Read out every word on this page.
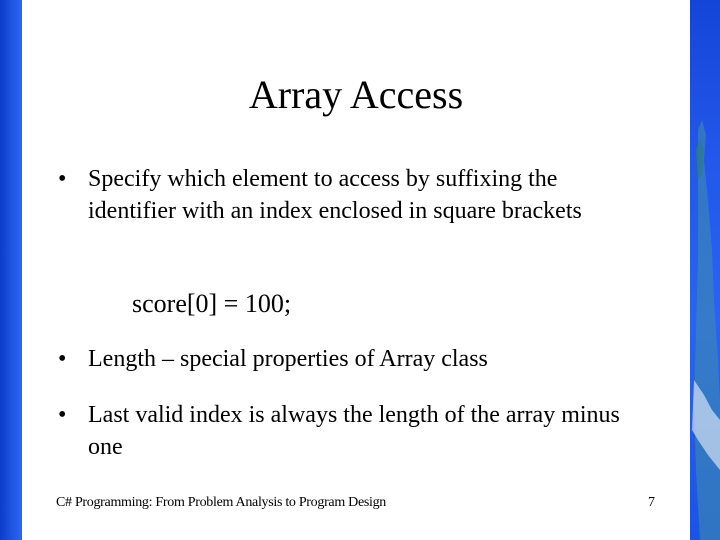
Array Access
• Specify which element to access by suffixing the identifier with an index enclosed in square brackets
score[0] = 100;
• Length – special properties of Array class
• Last valid index is always the length of the array minus one
C# Programming: From Problem Analysis to Program Design	7
